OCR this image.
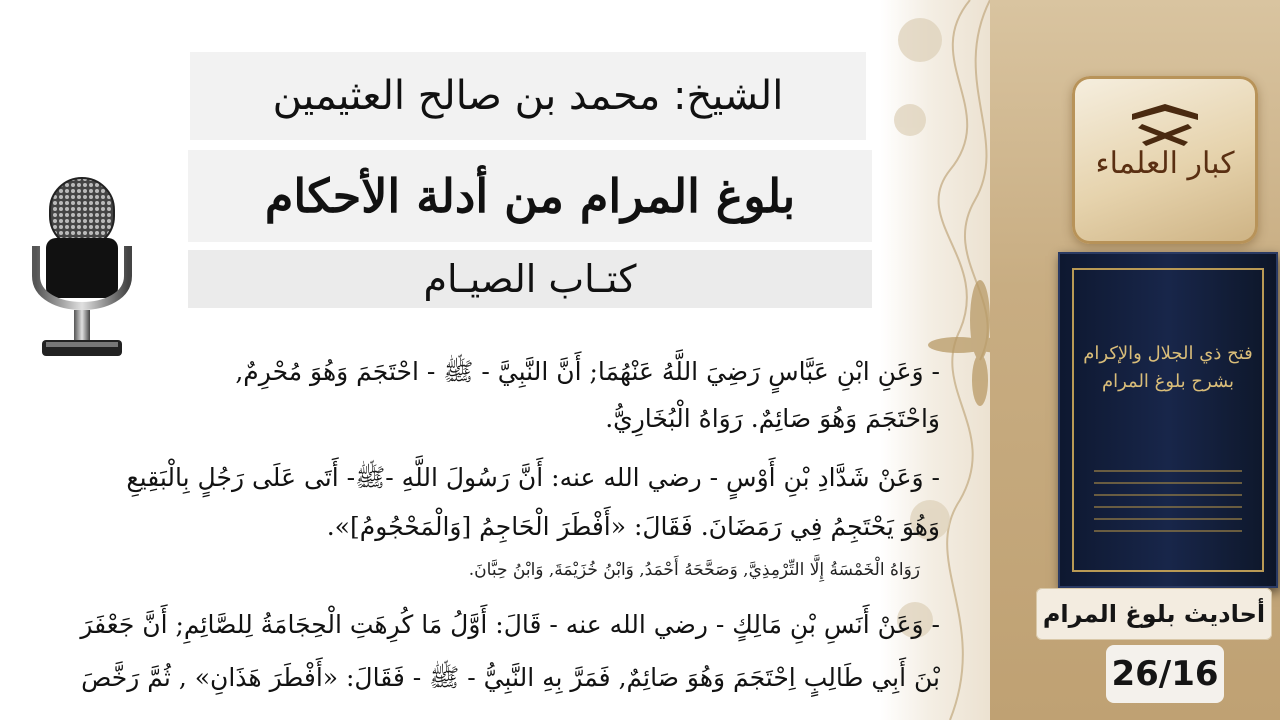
كبار العلماء
فتح ذي الجلال والإكرام بشرح بلوغ المرام
أحاديث بلوغ المرام
26/16
الشيخ: محمد بن صالح العثيمين
بلوغ المرام من أدلة الأحكام
كتـاب الصيـام
- وَعَنِ ابْنِ عَبَّاسٍ رَضِيَ اللَّهُ عَنْهُمَا; أَنَّ النَّبِيَّ - ﷺ - احْتَجَمَ وَهُوَ مُحْرِمٌ,
وَاحْتَجَمَ وَهُوَ صَائِمٌ. رَوَاهُ الْبُخَارِيُّ.
- وَعَنْ شَدَّادِ بْنِ أَوْسٍ - رضي الله عنه: أَنَّ رَسُولَ اللَّهِ -ﷺ- أَتَى عَلَى رَجُلٍ بِالْبَقِيعِ
وَهُوَ يَحْتَجِمُ فِي رَمَضَانَ. فَقَالَ: «أَفْطَرَ الْحَاجِمُ [وَالْمَحْجُومُ]».
رَوَاهُ الْخَمْسَةُ إِلَّا التِّرْمِذِيَّ, وَصَحَّحَهُ أَحْمَدُ, وَابْنُ خُزَيْمَةَ, وَابْنُ حِبَّانَ.
- وَعَنْ أَنَسِ بْنِ مَالِكٍ - رضي الله عنه - قَالَ: أَوَّلُ مَا كُرِهَتِ الْحِجَامَةُ لِلصَّائِمِ; أَنَّ جَعْفَرَ
بْنَ أَبِي طَالِبٍ اِحْتَجَمَ وَهُوَ صَائِمٌ, فَمَرَّ بِهِ النَّبِيُّ - ﷺ - فَقَالَ: «أَفْطَرَ هَذَانِ» , ثُمَّ رَخَّصَ
